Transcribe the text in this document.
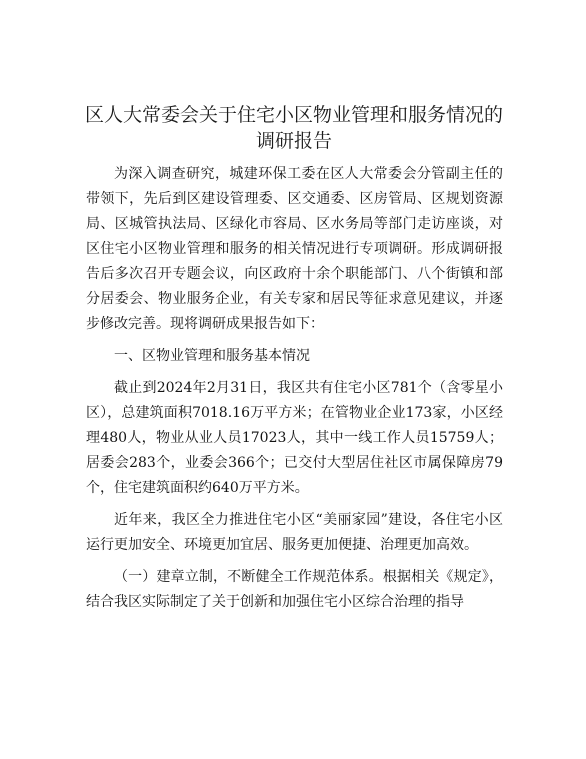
区人大常委会关于住宅小区物业管理和服务情况的调研报告

为深入调查研究，城建环保工委在区人大常委会分管副主任的带领下，先后到区建设管理委、区交通委、区房管局、区规划资源局、区城管执法局、区绿化市容局、区水务局等部门走访座谈，对区住宅小区物业管理和服务的相关情况进行专项调研。形成调研报告后多次召开专题会议，向区政府十余个职能部门、八个街镇和部分居委会、物业服务企业，有关专家和居民等征求意见建议，并逐步修改完善。现将调研成果报告如下：

一、区物业管理和服务基本情况

截止到2024年2月31日，我区共有住宅小区781个（含零星小区），总建筑面积7018.16万平方米；在管物业企业173家，小区经理480人，物业从业人员17023人，其中一线工作人员15759人；居委会283个，业委会366个；已交付大型居住社区市属保障房79个，住宅建筑面积约640万平方米。

近年来，我区全力推进住宅小区“美丽家园”建设，各住宅小区运行更加安全、环境更加宜居、服务更加便捷、治理更加高效。

（一）建章立制，不断健全工作规范体系。根据相关《规定》，结合我区实际制定了关于创新和加强住宅小区综合治理的指导
